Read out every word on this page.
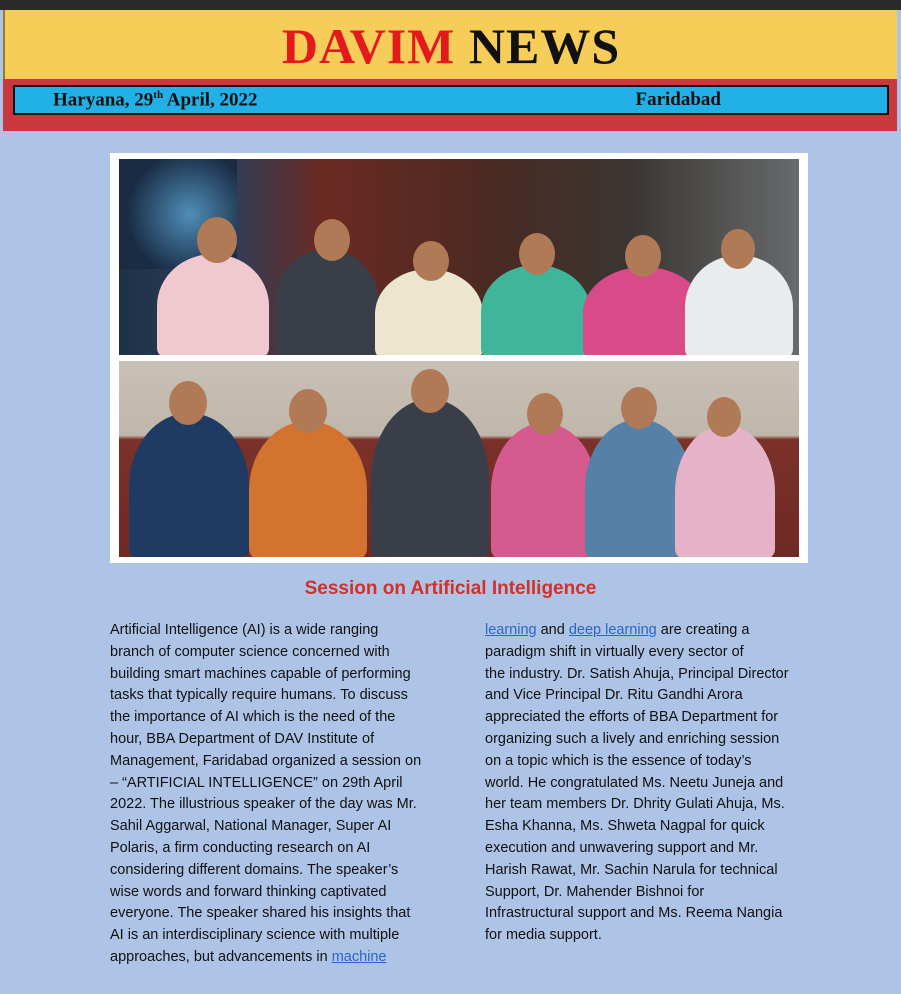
DAVIM NEWS
Haryana, 29th April, 2022	Faridabad
Session on Artificial Intelligence
Artificial Intelligence (AI) is a wide ranging
branch of computer science concerned with
building smart machines capable of performing
tasks that typically require humans. To discuss
the importance of AI which is the need of the
hour, BBA Department of DAV Institute of
Management, Faridabad organized a session on
– “ARTIFICIAL INTELLIGENCE” on 29th April
2022. The illustrious speaker of the day was Mr.
Sahil Aggarwal, National Manager, Super AI
Polaris, a firm conducting research on AI
considering different domains. The speaker’s
wise words and forward thinking captivated
everyone. The speaker shared his insights that
AI is an interdisciplinary science with multiple
approaches, but advancements in machine
learning and deep learning are creating a
paradigm shift in virtually every sector of
the industry. Dr. Satish Ahuja, Principal Director
and Vice Principal Dr. Ritu Gandhi Arora
appreciated the efforts of BBA Department for
organizing such a lively and enriching session
on a topic which is the essence of today’s
world. He congratulated Ms. Neetu Juneja and
her team members Dr. Dhrity Gulati Ahuja, Ms.
Esha Khanna, Ms. Shweta Nagpal for quick
execution and unwavering support and Mr.
Harish Rawat, Mr. Sachin Narula for technical
Support, Dr. Mahender Bishnoi for
Infrastructural support and Ms. Reema Nangia
for media support.
